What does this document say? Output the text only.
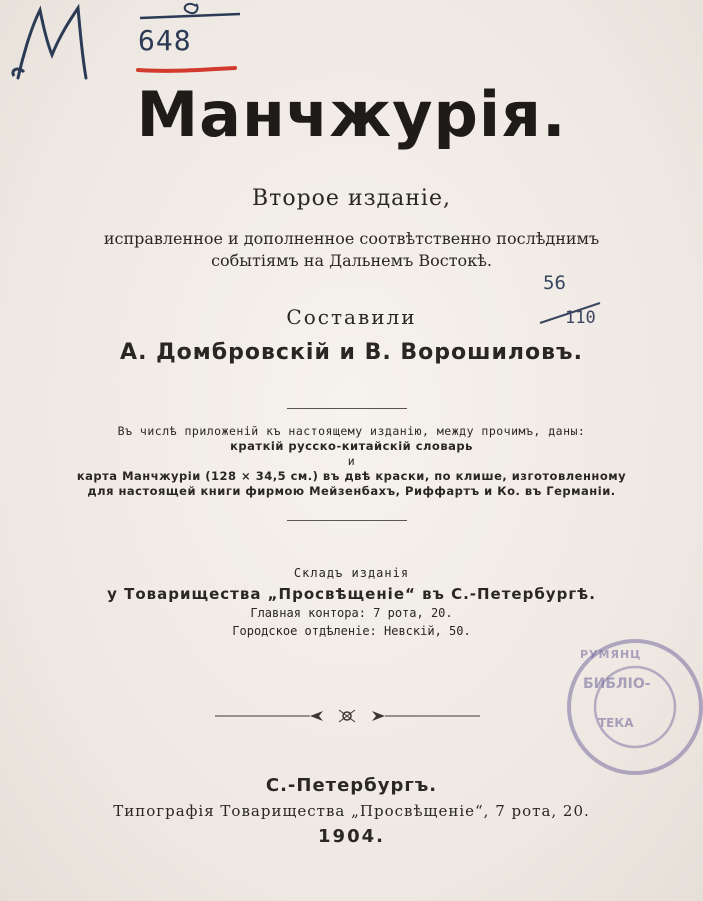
648
56
110
Манчжурія.
Второе изданіе,
исправленное и дополненное соотвѣтственно послѣднимъ
событіямъ на Дальнемъ Востокѣ.
Составили
А. Домбровскій и В. Ворошиловъ.
Въ числѣ приложеній къ настоящему изданію, между прочимъ, даны:
краткій русско-китайскій словарь
и
карта Манчжуріи (128 × 34,5 см.) въ двѣ краски, по клише, изготовленному
для настоящей книги фирмою Мейзенбахъ, Риффартъ и Ко. въ Германіи.
Складъ изданія
у Товарищества „Просвѣщеніе“ въ С.-Петербургѣ.
Главная контора: 7 рота, 20.
Городское отдѣленіе: Невскій, 50.
С.-Петербургъ.
Типографія Товарищества „Просвѣщеніе“, 7 рота, 20.
1904.
РУМЯНЦ
БИБЛІО-
ТЕКА
